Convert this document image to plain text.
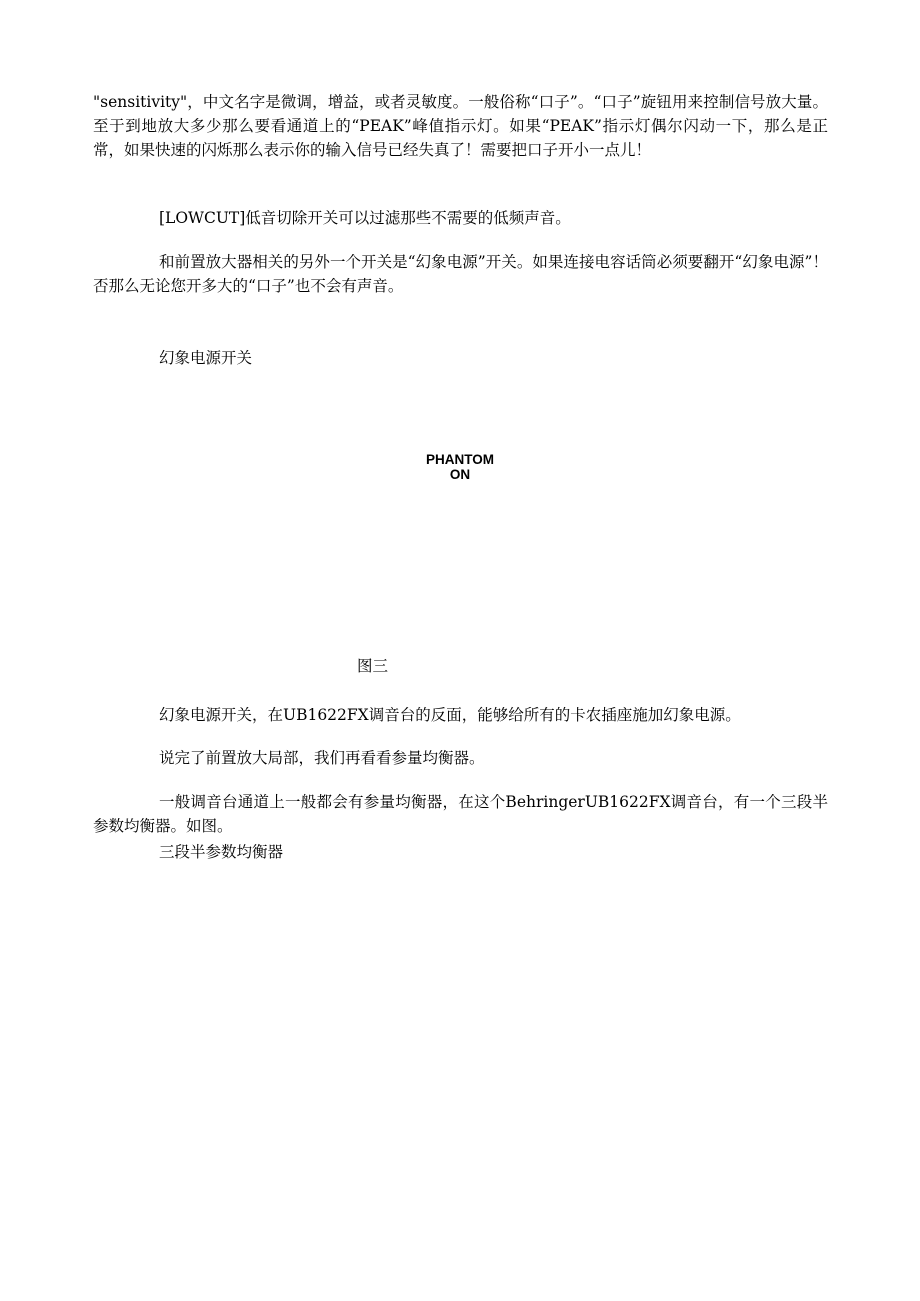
"sensitivity"，中文名字是微调，增益，或者灵敏度。一般俗称“口子”。“口子”旋钮用来控制信号放大量。至于到地放大多少那么要看通道上的“PEAK”峰值指示灯。如果“PEAK”指示灯偶尔闪动一下，那么是正常，如果快速的闪烁那么表示你的输入信号已经失真了！需要把口子开小一点儿！

[LOWCUT]低音切除开关可以过滤那些不需要的低频声音。

和前置放大器相关的另外一个开关是“幻象电源”开关。如果连接电容话筒必须要翻开“幻象电源”！否那么无论您开多大的“口子”也不会有声音。

幻象电源开关

PHANTOM
ON

图三

幻象电源开关，在UB1622FX调音台的反面，能够给所有的卡农插座施加幻象电源。

说完了前置放大局部，我们再看看参量均衡器。

一般调音台通道上一般都会有参量均衡器，在这个BehringerUB1622FX调音台，有一个三段半参数均衡器。如图。

三段半参数均衡器
